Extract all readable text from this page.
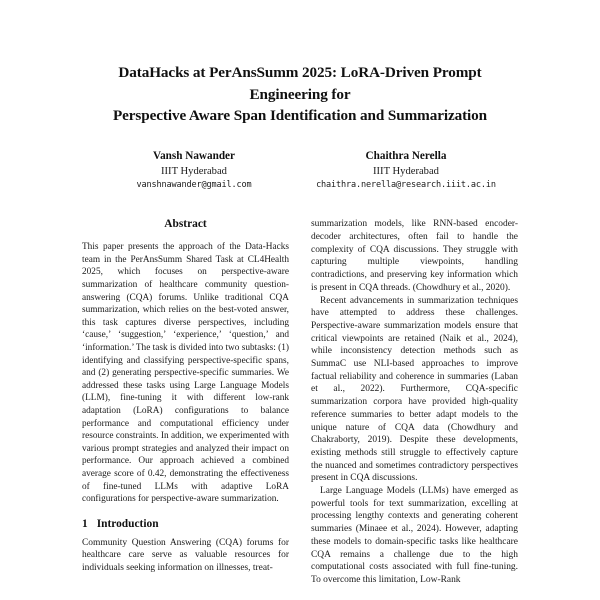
DataHacks at PerAnsSumm 2025: LoRA-Driven Prompt Engineering for
Perspective Aware Span Identification and Summarization
Vansh Nawander
IIIT Hyderabad
vanshnawander@gmail.com
Chaithra Nerella
IIIT Hyderabad
chaithra.nerella@research.iiit.ac.in
Abstract

This paper presents the approach of the Data-Hacks team in the PerAnsSumm Shared Task at CL4Health 2025, which focuses on perspective-aware summarization of healthcare community question-answering (CQA) forums. Unlike traditional CQA summarization, which relies on the best-voted answer, this task captures diverse perspectives, including ‘cause,’ ‘suggestion,’ ‘experience,’ ‘question,’ and ‘information.’ The task is divided into two subtasks: (1) identifying and classifying perspective-specific spans, and (2) generating perspective-specific summaries. We addressed these tasks using Large Language Models (LLM), fine-tuning it with different low-rank adaptation (LoRA) configurations to balance performance and computational efficiency under resource constraints. In addition, we experimented with various prompt strategies and analyzed their impact on performance. Our approach achieved a combined average score of 0.42, demonstrating the effectiveness of fine-tuned LLMs with adaptive LoRA configurations for perspective-aware summarization.

1 Introduction

Community Question Answering (CQA) forums for healthcare care serve as valuable resources for individuals seeking information on illnesses, treat-

summarization models, like RNN-based encoder-decoder architectures, often fail to handle the complexity of CQA discussions. They struggle with capturing multiple viewpoints, handling contradictions, and preserving key information which is present in CQA threads. (Chowdhury et al., 2020).

Recent advancements in summarization techniques have attempted to address these challenges. Perspective-aware summarization models ensure that critical viewpoints are retained (Naik et al., 2024), while inconsistency detection methods such as SummaC use NLI-based approaches to improve factual reliability and coherence in summaries (Laban et al., 2022). Furthermore, CQA-specific summarization corpora have provided high-quality reference summaries to better adapt models to the unique nature of CQA data (Chowdhury and Chakraborty, 2019). Despite these developments, existing methods still struggle to effectively capture the nuanced and sometimes contradictory perspectives present in CQA discussions.

Large Language Models (LLMs) have emerged as powerful tools for text summarization, excelling at processing lengthy contexts and generating coherent summaries (Minaee et al., 2024). However, adapting these models to domain-specific tasks like healthcare CQA remains a challenge due to the high computational costs associated with full fine-tuning. To overcome this limitation, Low-Rank
